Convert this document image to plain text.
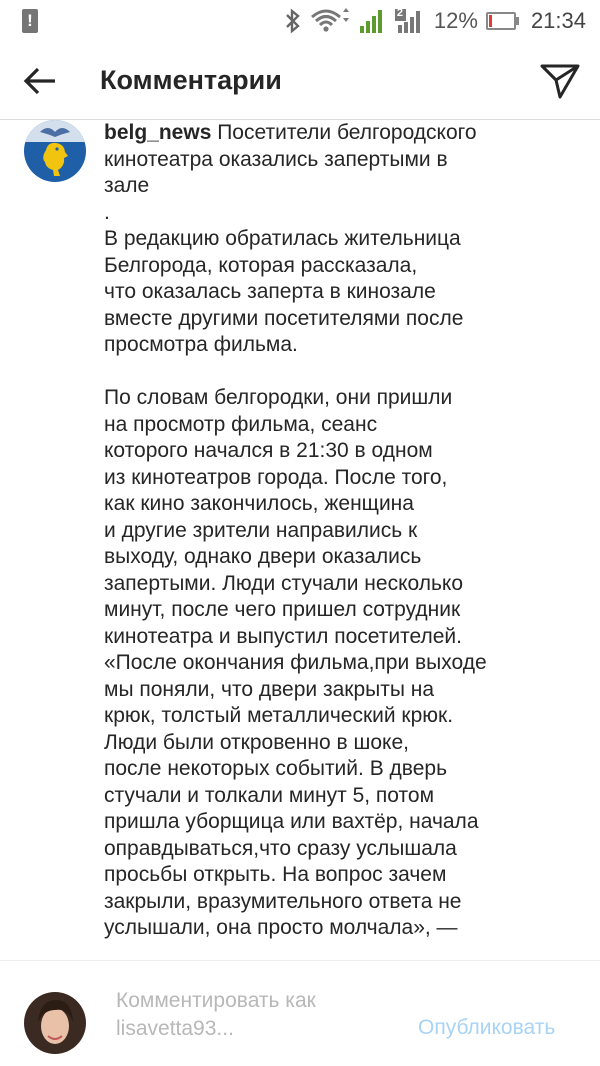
!	2 12% 21:34
Комментарии
belg_news Посетители белгородского
кинотеатра оказались запертыми в
зале
.
В редакцию обратилась жительница
Белгорода, которая рассказала,
что оказалась заперта в кинозале
вместе другими посетителями после
просмотра фильма.

По словам белгородки, они пришли
на просмотр фильма, сеанс
которого начался в 21:30 в одном
из кинотеатров города. После того,
как кино закончилось, женщина
и другие зрители направились к
выходу, однако двери оказались
запертыми. Люди стучали несколько
минут, после чего пришел сотрудник
кинотеатра и выпустил посетителей.
«После окончания фильма,при выходе
мы поняли, что двери закрыты на
крюк, толстый металлический крюк.
Люди были откровенно в шоке,
после некоторых событий. В дверь
стучали и толкали минут 5, потом
пришла уборщица или вахтёр, начала
оправдываться,что сразу услышала
просьбы открыть. На вопрос зачем
закрыли, вразумительного ответа не
услышали, она просто молчала», —
Комментировать как lisavetta93...	Опубликовать
